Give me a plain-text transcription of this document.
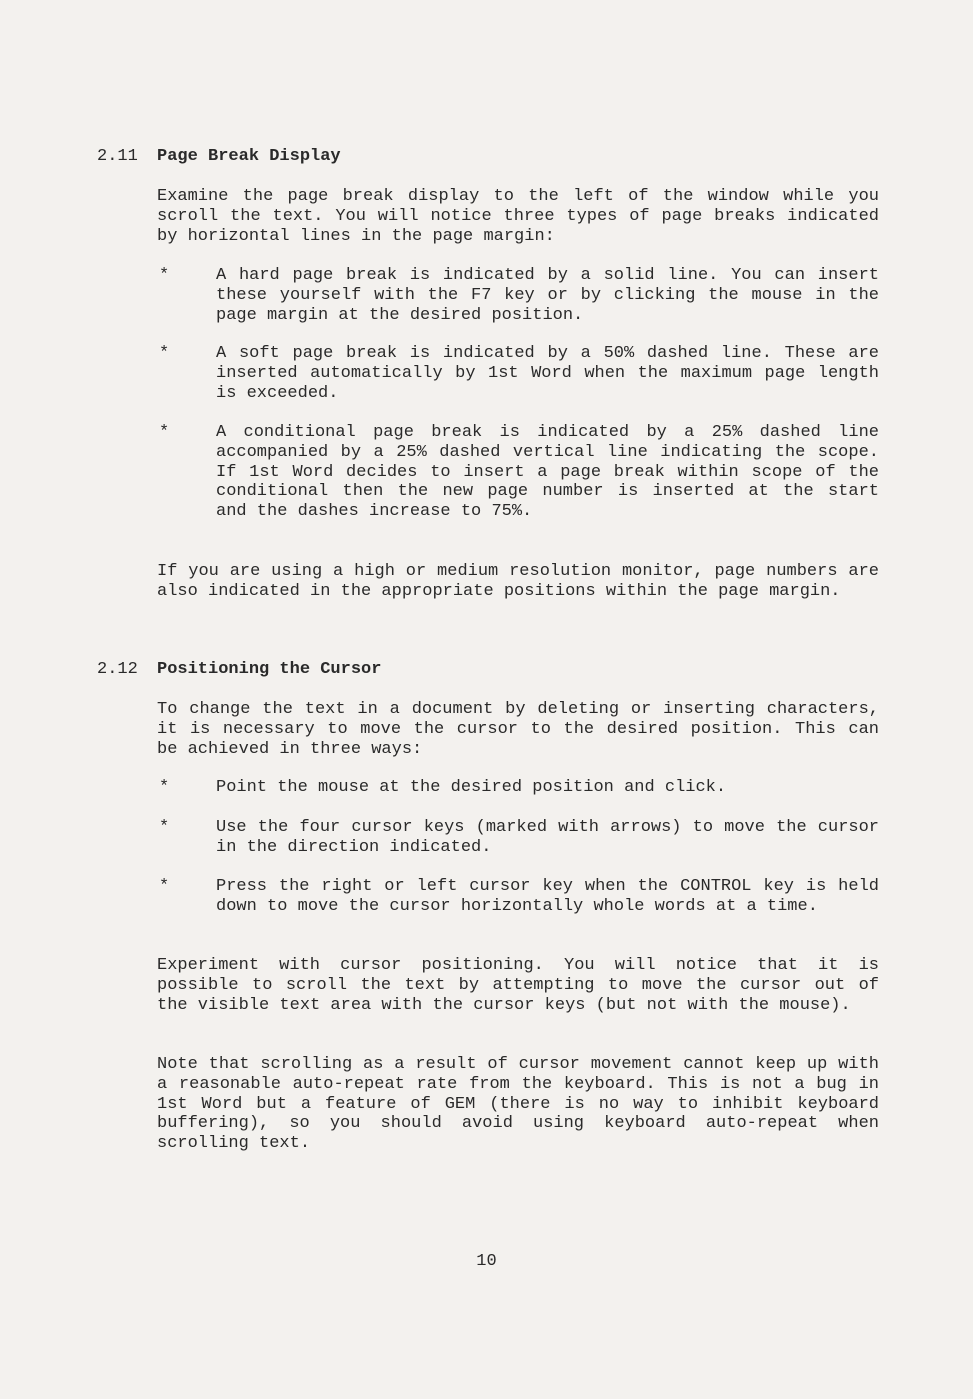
2.11 Page Break Display
Examine the page break display to the left of the window while you scroll the text. You will notice three types of page breaks indicated by horizontal lines in the page margin:
*	A hard page break is indicated by a solid line. You can insert these yourself with the F7 key or by clicking the mouse in the page margin at the desired position.
*	A soft page break is indicated by a 50% dashed line. These are inserted automatically by 1st Word when the maximum page length is exceeded.
*	A conditional page break is indicated by a 25% dashed line accompanied by a 25% dashed vertical line indicating the scope. If 1st Word decides to insert a page break within scope of the conditional then the new page number is inserted at the start and the dashes increase to 75%.
If you are using a high or medium resolution monitor, page numbers are also indicated in the appropriate positions within the page margin.
2.12 Positioning the Cursor
To change the text in a document by deleting or inserting characters, it is necessary to move the cursor to the desired position. This can be achieved in three ways:
*	Point the mouse at the desired position and click.
*	Use the four cursor keys (marked with arrows) to move the cursor in the direction indicated.
*	Press the right or left cursor key when the CONTROL key is held down to move the cursor horizontally whole words at a time.
Experiment with cursor positioning. You will notice that it is possible to scroll the text by attempting to move the cursor out of the visible text area with the cursor keys (but not with the mouse).
Note that scrolling as a result of cursor movement cannot keep up with a reasonable auto-repeat rate from the keyboard. This is not a bug in 1st Word but a feature of GEM (there is no way to inhibit keyboard buffering), so you should avoid using keyboard auto-repeat when scrolling text.
10
